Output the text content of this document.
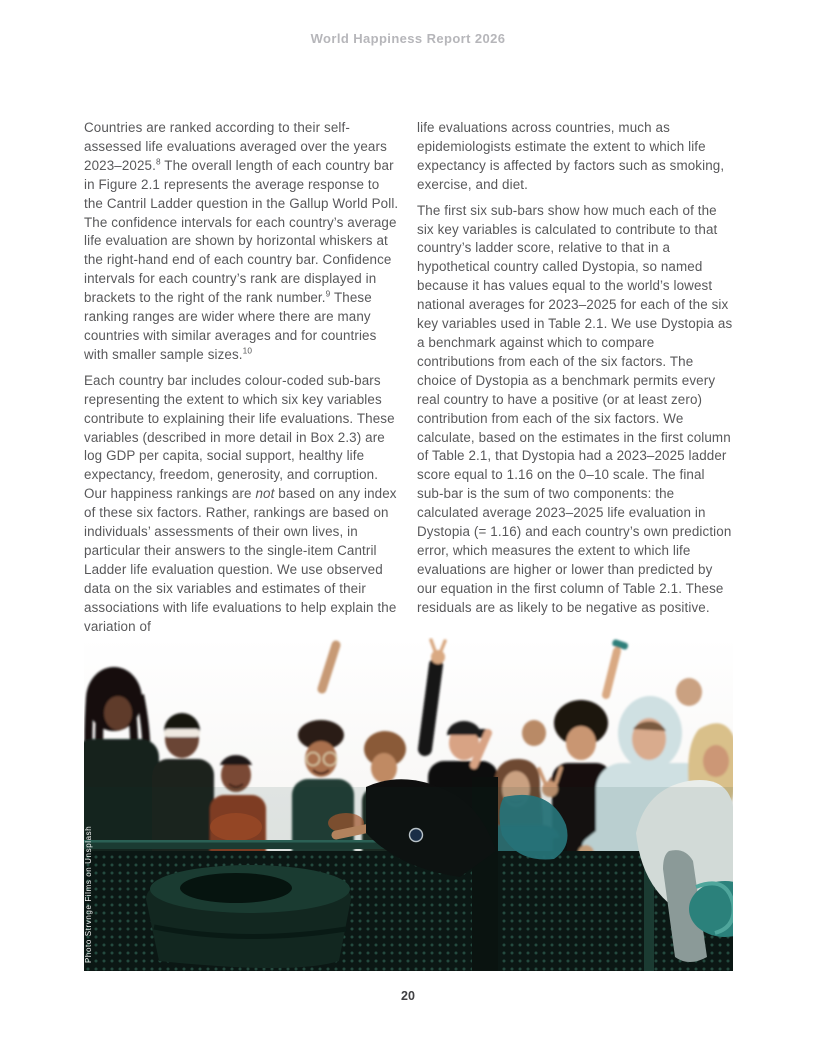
World Happiness Report 2026

Countries are ranked according to their self-assessed life evaluations averaged over the years 2023–2025.$^8$ The overall length of each country bar in Figure 2.1 represents the average response to the Cantril Ladder question in the Gallup World Poll. The confidence intervals for each country’s average life evaluation are shown by horizontal whiskers at the right-hand end of each country bar. Confidence intervals for each country’s rank are displayed in brackets to the right of the rank number.$^9$ These ranking ranges are wider where there are many countries with similar averages and for countries with smaller sample sizes.$^{10}$

Each country bar includes colour-coded sub-bars representing the extent to which six key variables contribute to explaining their life evaluations. These variables (described in more detail in Box 2.3) are log GDP per capita, social support, healthy life expectancy, freedom, generosity, and corruption. Our happiness rankings are not based on any index of these six factors. Rather, rankings are based on individuals’ assessments of their own lives, in particular their answers to the single-item Cantril Ladder life evaluation question. We use observed data on the six variables and estimates of their associations with life evaluations to help explain the variation of

life evaluations across countries, much as epidemiologists estimate the extent to which life expectancy is affected by factors such as smoking, exercise, and diet.

The first six sub-bars show how much each of the six key variables is calculated to contribute to that country’s ladder score, relative to that in a hypothetical country called Dystopia, so named because it has values equal to the world’s lowest national averages for 2023–2025 for each of the six key variables used in Table 2.1. We use Dystopia as a benchmark against which to compare contributions from each of the six factors. The choice of Dystopia as a benchmark permits every real country to have a positive (or at least zero) contribution from each of the six factors. We calculate, based on the estimates in the first column of Table 2.1, that Dystopia had a 2023–2025 ladder score equal to 1.16 on the 0–10 scale. The final sub-bar is the sum of two components: the calculated average 2023–2025 life evaluation in Dystopia (= 1.16) and each country’s own prediction error, which measures the extent to which life evaluations are higher or lower than predicted by our equation in the first column of Table 2.1. These residuals are as likely to be negative as positive.

Photo Strvnge Films on Unsplash
20
